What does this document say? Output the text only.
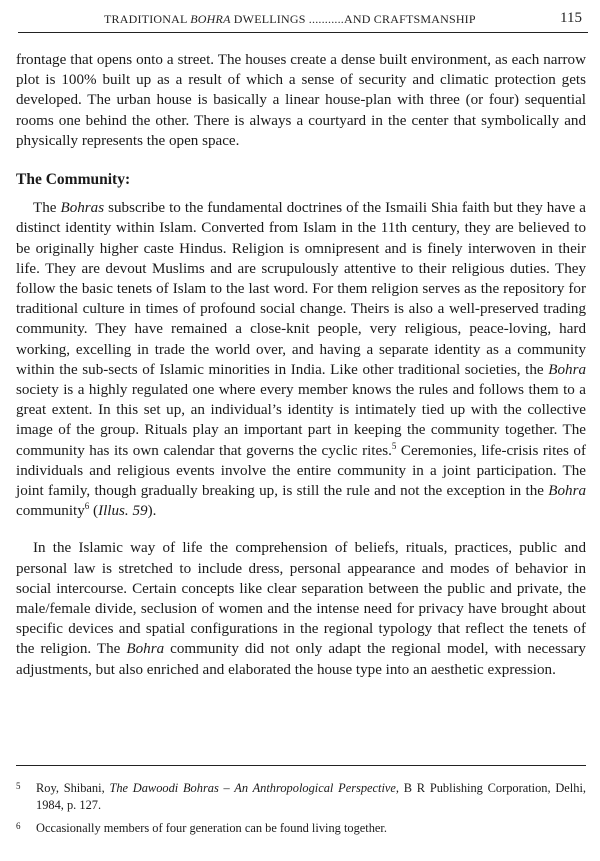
TRADITIONAL BOHRA DWELLINGS ...........AND CRAFTSMANSHIP	115

frontage that opens onto a street. The houses create a dense built environment, as each narrow plot is 100% built up as a result of which a sense of security and climatic protection gets developed. The urban house is basically a linear house-plan with three (or four) sequential rooms one behind the other. There is always a courtyard in the center that symbolically and physically represents the open space.

The Community:

The Bohras subscribe to the fundamental doctrines of the Ismaili Shia faith but they have a distinct identity within Islam. Converted from Islam in the 11th century, they are believed to be originally higher caste Hindus. Religion is omnipresent and is finely interwoven in their life. They are devout Muslims and are scrupulously attentive to their religious duties. They follow the basic tenets of Islam to the last word. For them religion serves as the repository for traditional culture in times of profound social change. Theirs is also a well-preserved trading community. They have remained a close-knit people, very religious, peace-loving, hard working, excelling in trade the world over, and having a separate identity as a community within the sub-sects of Islamic minorities in India. Like other traditional societies, the Bohra society is a highly regulated one where every member knows the rules and follows them to a great extent. In this set up, an individual’s identity is intimately tied up with the collective image of the group. Rituals play an important part in keeping the community together. The community has its own calendar that governs the cyclic rites.$^5$ Ceremonies, life-crisis rites of individuals and religious events involve the entire community in a joint participation. The joint family, though gradually breaking up, is still the rule and not the exception in the Bohra community$^6$ (Illus. 59).

In the Islamic way of life the comprehension of beliefs, rituals, practices, public and personal law is stretched to include dress, personal appearance and modes of behavior in social intercourse. Certain concepts like clear separation between the public and private, the male/female divide, seclusion of women and the intense need for privacy have brought about specific devices and spatial configurations in the regional typology that reflect the tenets of the religion. The Bohra community did not only adapt the regional model, with necessary adjustments, but also enriched and elaborated the house type into an aesthetic expression.

5 Roy, Shibani, The Dawoodi Bohras – An Anthropological Perspective, B R Publishing Corporation, Delhi, 1984, p. 127.

6 Occasionally members of four generation can be found living together.
